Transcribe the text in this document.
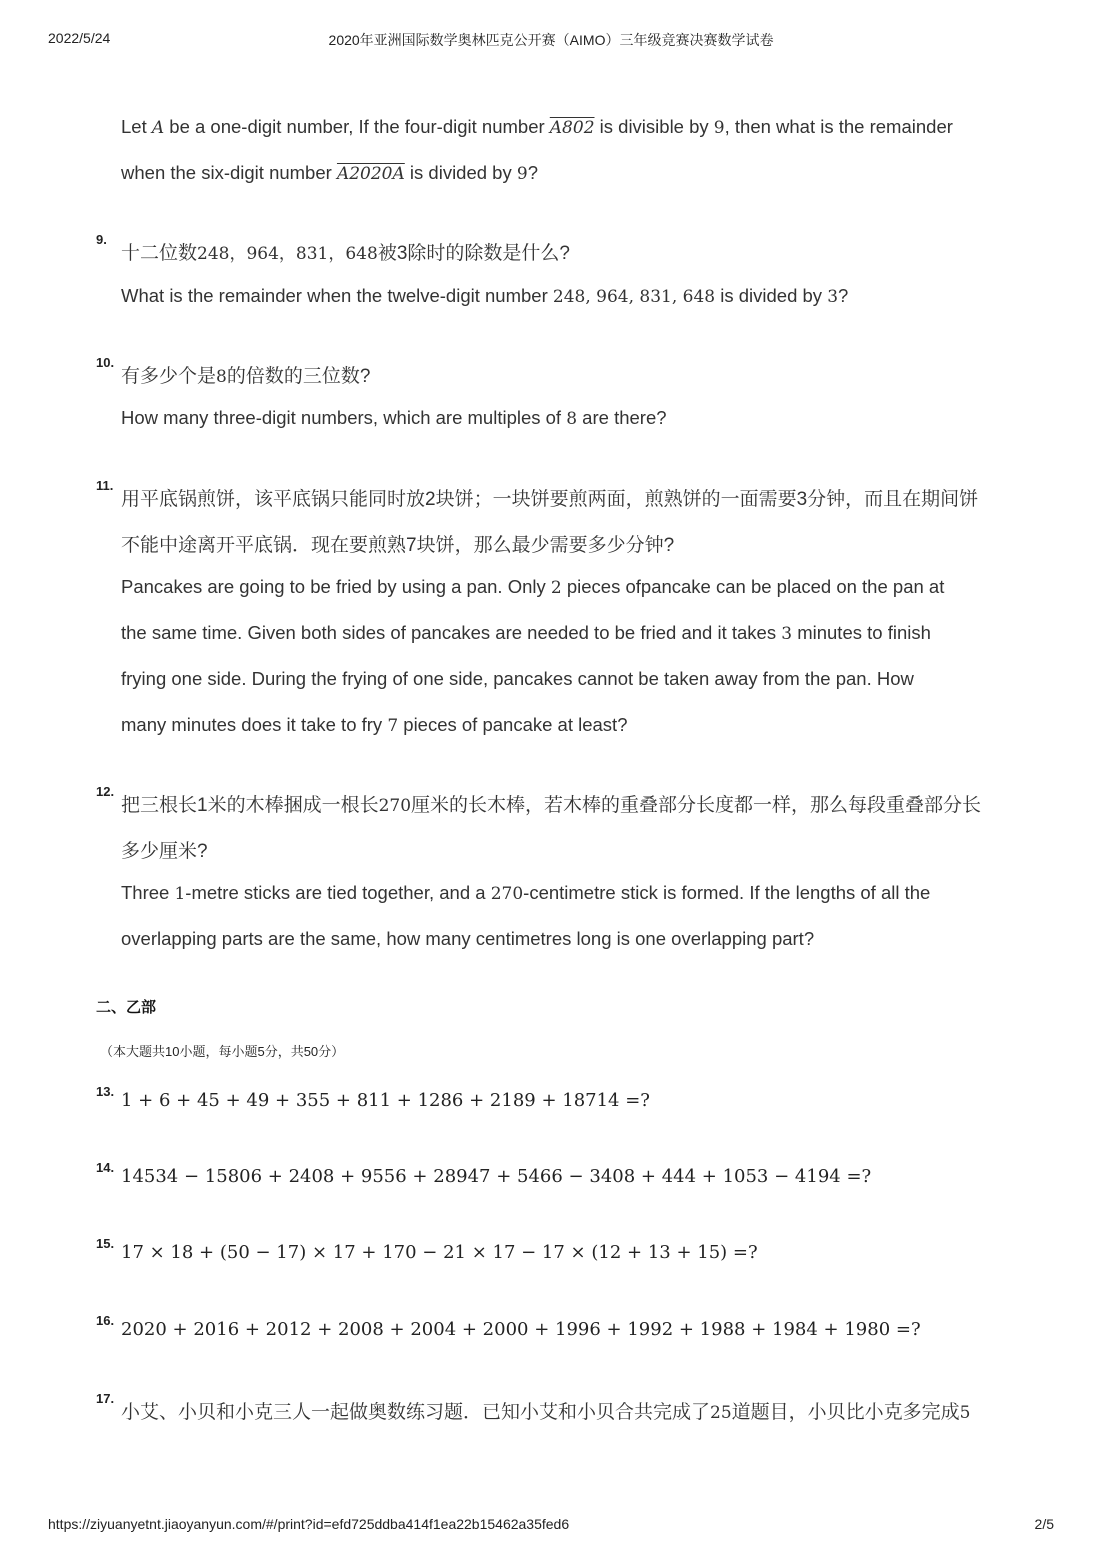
2022/5/24	2020年亚洲国际数学奥林匹克公开赛（AIMO）三年级竞赛决赛数学试卷
Let A be a one-digit number, If the four-digit number A802 is divisible by 9, then what is the remainder
when the six-digit number A2020A is divided by 9?
9.
十二位数248，964，831，648被3除时的除数是什么?
What is the remainder when the twelve-digit number 248, 964, 831, 648 is divided by 3?
10.
有多少个是8的倍数的三位数?
How many three-digit numbers, which are multiples of 8 are there?
11.
用平底锅煎饼，该平底锅只能同时放2块饼；一块饼要煎两面，煎熟饼的一面需要3分钟，而且在期间饼
不能中途离开平底锅．现在要煎熟7块饼，那么最少需要多少分钟?
Pancakes are going to be fried by using a pan. Only 2 pieces ofpancake can be placed on the pan at
the same time. Given both sides of pancakes are needed to be fried and it takes 3 minutes to finish
frying one side. During the frying of one side, pancakes cannot be taken away from the pan. How
many minutes does it take to fry 7 pieces of pancake at least?
12.
把三根长1米的木棒捆成一根长270厘米的长木棒，若木棒的重叠部分长度都一样，那么每段重叠部分长
多少厘米?
Three 1-metre sticks are tied together, and a 270-centimetre stick is formed. If the lengths of all the
overlapping parts are the same, how many centimetres long is one overlapping part?
二、乙部
（本大题共10小题，每小题5分，共50分）
13. 1 + 6 + 45 + 49 + 355 + 811 + 1286 + 2189 + 18714 =?
14. 14534 − 15806 + 2408 + 9556 + 28947 + 5466 − 3408 + 444 + 1053 − 4194 =?
15. 17 × 18 + (50 − 17) × 17 + 170 − 21 × 17 − 17 × (12 + 13 + 15) =?
16. 2020 + 2016 + 2012 + 2008 + 2004 + 2000 + 1996 + 1992 + 1988 + 1984 + 1980 =?
17.
小艾、小贝和小克三人一起做奥数练习题．已知小艾和小贝合共完成了25道题目，小贝比小克多完成5
https://ziyuanyetnt.jiaoyanyun.com/#/print?id=efd725ddba414f1ea22b15462a35fed6	2/5
